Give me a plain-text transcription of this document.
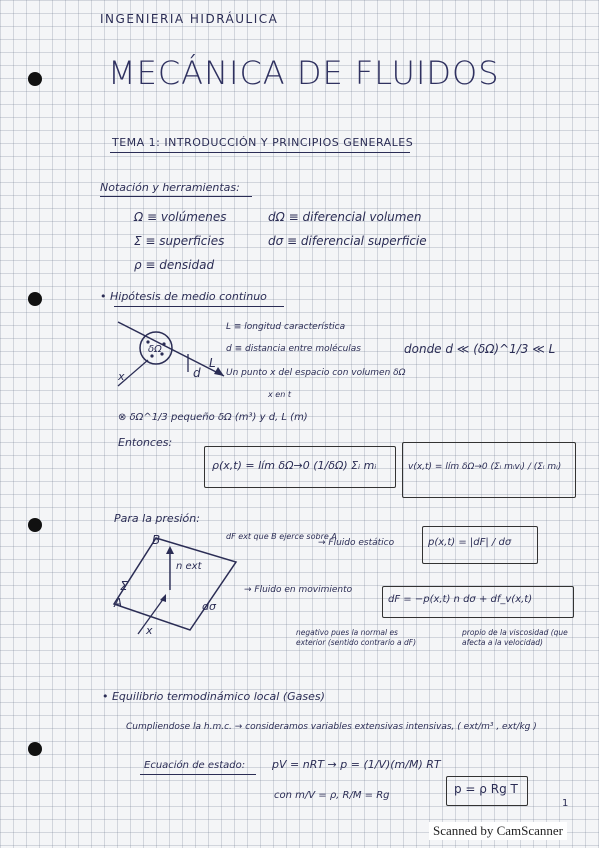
INGENIERIA HIDRÁULICA
MECÁNICA DE FLUIDOS
TEMA 1: INTRODUCCIÓN Y PRINCIPIOS GENERALES
Notación y herramientas:
Ω ≡ volúmenes
Σ ≡ superficies
ρ ≡ densidad
dΩ ≡ diferencial volumen
dσ ≡ diferencial superficie
• Hipótesis de medio continuo
δΩ
L
x	d
L ≡ longitud característica
d ≡ distancia entre moléculas
Un punto x del espacio con volumen δΩ
x en t
donde d ≪ (δΩ)^1/3 ≪ L
⊗ δΩ^1/3 pequeño δΩ (m³) y d, L (m)
Entonces:
ρ(x,t) = lím δΩ→0 (1/δΩ) Σᵢ mᵢ	v(x,t) = lím δΩ→0 (Σᵢ mᵢvᵢ) / (Σᵢ mᵢ)
Para la presión:
B
A
Σ
n ext
x
dσ
dF ext que B ejerce sobre A
→ Fluido estático	p(x,t) = |dF| / dσ
→ Fluido en movimiento
dF = −p(x,t) n dσ + df_v(x,t)
negativo pues la normal es exterior (sentido contrario a dF)
propio de la viscosidad (que afecta a la velocidad)
• Equilibrio termodinámico local (Gases)
Cumpliendose la h.m.c. → consideramos variables extensivas intensivas, ( ext/m³ , ext/kg )
Ecuación de estado: pV = nRT → p = (1/V)(m/M) RT
con m/V = ρ, R/M = Rg	p = ρ Rg T
1
Scanned by CamScanner
